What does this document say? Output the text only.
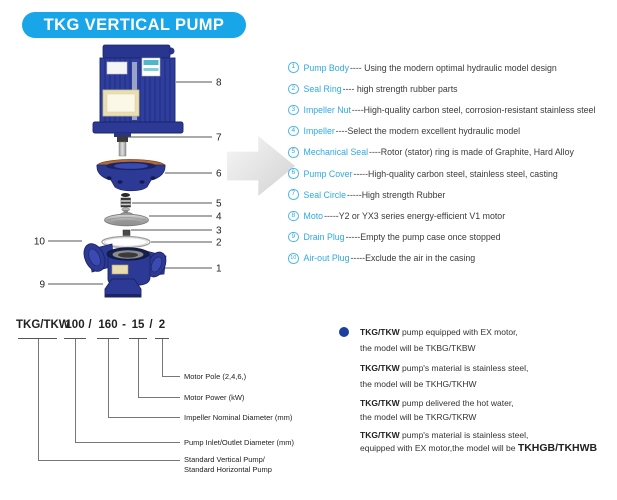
TKG VERTICAL PUMP
8
7
6
5
4
3
2
1
9
10
1 Pump Body ---- Using the modern optimal hydraulic model design
2 Seal Ring ---- high strength rubber parts
3 Impeller Nut ----High-quality carbon steel, corrosion-resistant stainless steel
4 Impeller ----Select the modern excellent hydraulic model
5 Mechanical Seal ----Rotor (stator) ring is made of Graphite, Hard Alloy
6 Pump Cover -----High-quality carbon steel, stainless steel, casting
7 Seal Circle -----High strength Rubber
8 Moto -----Y2 or YX3 series energy-efficient V1 motor
9 Drain Plug -----Empty the pump case once stopped
10 Air-out Plug -----Exclude the air in the casing
TKG/TKW
100 / 160 - 15 / 2
Motor Pole (2,4,6,)
Motor Power (kW)
Impeller Nominal Diameter (mm)
Pump Inlet/Outlet Diameter (mm)
Standard Vertical Pump/
Standard Horizontal Pump
TKG/TKW pump equipped with EX motor,
the model will be TKBG/TKBW
TKG/TKW pump's material is stainless steel,
the model will be TKHG/TKHW
TKG/TKW pump delivered the hot water,
the model will be TKRG/TKRW
TKG/TKW pump's material is stainless steel,
equipped with EX motor,the model will be TKHGB/TKHWB
